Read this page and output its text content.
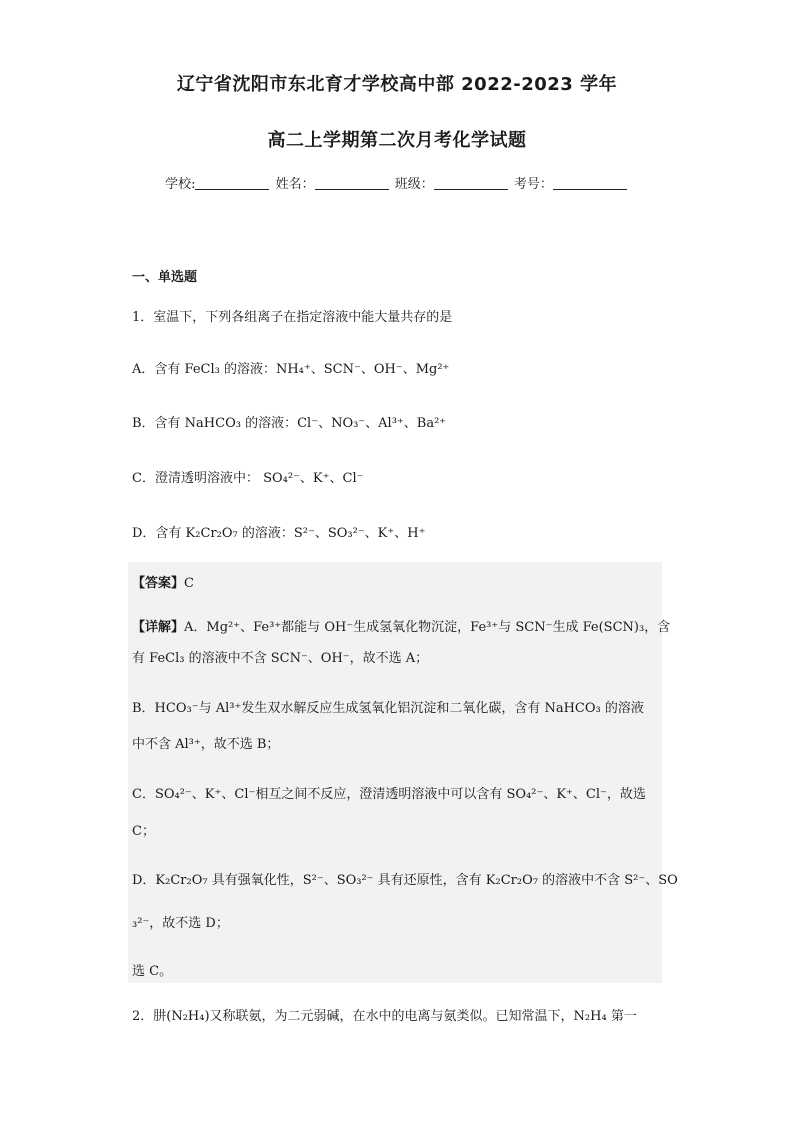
辽宁省沈阳市东北育才学校高中部 2022-2023 学年
高二上学期第二次月考化学试题
学校:	姓名：	班级：	考号：
一、单选题
1．室温下，下列各组离子在指定溶液中能大量共存的是
A．含有 FeCl₃ 的溶液：NH₄⁺、SCN⁻、OH⁻、Mg²⁺
B．含有 NaHCO₃ 的溶液：Cl⁻、NO₃⁻、Al³⁺、Ba²⁺
C．澄清透明溶液中： SO₄²⁻、K⁺、Cl⁻
D．含有 K₂Cr₂O₇ 的溶液：S²⁻、SO₃²⁻、K⁺、H⁺
【答案】C
【详解】A．Mg²⁺、Fe³⁺都能与 OH⁻生成氢氧化物沉淀，Fe³⁺与 SCN⁻生成 Fe(SCN)₃，含
有 FeCl₃ 的溶液中不含 SCN⁻、OH⁻，故不选 A；
B．HCO₃⁻与 Al³⁺发生双水解反应生成氢氧化铝沉淀和二氧化碳，含有 NaHCO₃ 的溶液
中不含 Al³⁺，故不选 B；
C．SO₄²⁻、K⁺、Cl⁻相互之间不反应，澄清透明溶液中可以含有 SO₄²⁻、K⁺、Cl⁻，故选
C；
D．K₂Cr₂O₇ 具有强氧化性，S²⁻、SO₃²⁻ 具有还原性，含有 K₂Cr₂O₇ 的溶液中不含 S²⁻、SO
₃²⁻，故不选 D；
选 C。
2．肼(N₂H₄)又称联氨，为二元弱碱，在水中的电离与氨类似。已知常温下，N₂H₄ 第一
